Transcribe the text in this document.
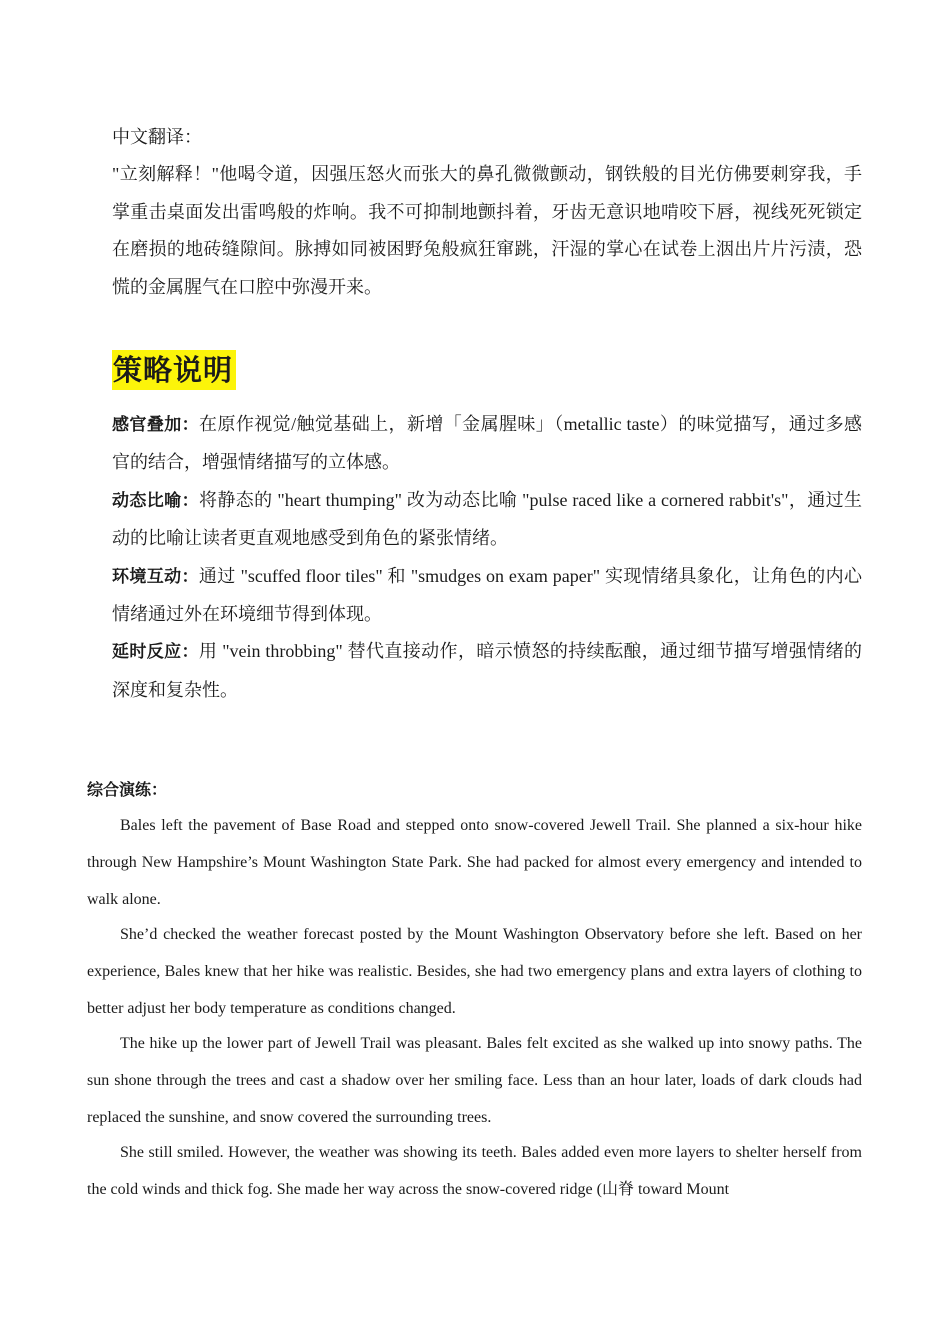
中文翻译：
"立刻解释！"他喝令道，因强压怒火而张大的鼻孔微微颤动，钢铁般的目光仿佛要刺穿我，手掌重击桌面发出雷鸣般的炸响。我不可抑制地颤抖着，牙齿无意识地啃咬下唇，视线死死锁定在磨损的地砖缝隙间。脉搏如同被困野兔般疯狂窜跳，汗湿的掌心在试卷上洇出片片污渍，恐慌的金属腥气在口腔中弥漫开来。
策略说明

感官叠加：在原作视觉/触觉基础上，新增「金属腥味」（metallic taste）的味觉描写，通过多感官的结合，增强情绪描写的立体感。

动态比喻：将静态的 "heart thumping" 改为动态比喻 "pulse raced like a cornered rabbit's"，通过生动的比喻让读者更直观地感受到角色的紧张情绪。

环境互动：通过 "scuffed floor tiles" 和 "smudges on exam paper" 实现情绪具象化，让角色的内心情绪通过外在环境细节得到体现。

延时反应：用 "vein throbbing" 替代直接动作，暗示愤怒的持续酝酿，通过细节描写增强情绪的深度和复杂性。

综合演练：

Bales left the pavement of Base Road and stepped onto snow-covered Jewell Trail. She planned a six-hour hike through New Hampshire’s Mount Washington State Park. She had packed for almost every emergency and intended to walk alone.

She’d checked the weather forecast posted by the Mount Washington Observatory before she left. Based on her experience, Bales knew that her hike was realistic. Besides, she had two emergency plans and extra layers of clothing to better adjust her body temperature as conditions changed.

The hike up the lower part of Jewell Trail was pleasant. Bales felt excited as she walked up into snowy paths. The sun shone through the trees and cast a shadow over her smiling face. Less than an hour later, loads of dark clouds had replaced the sunshine, and snow covered the surrounding trees.

She still smiled. However, the weather was showing its teeth. Bales added even more layers to shelter herself from the cold winds and thick fog. She made her way across the snow-covered ridge (山脊 toward Mount
